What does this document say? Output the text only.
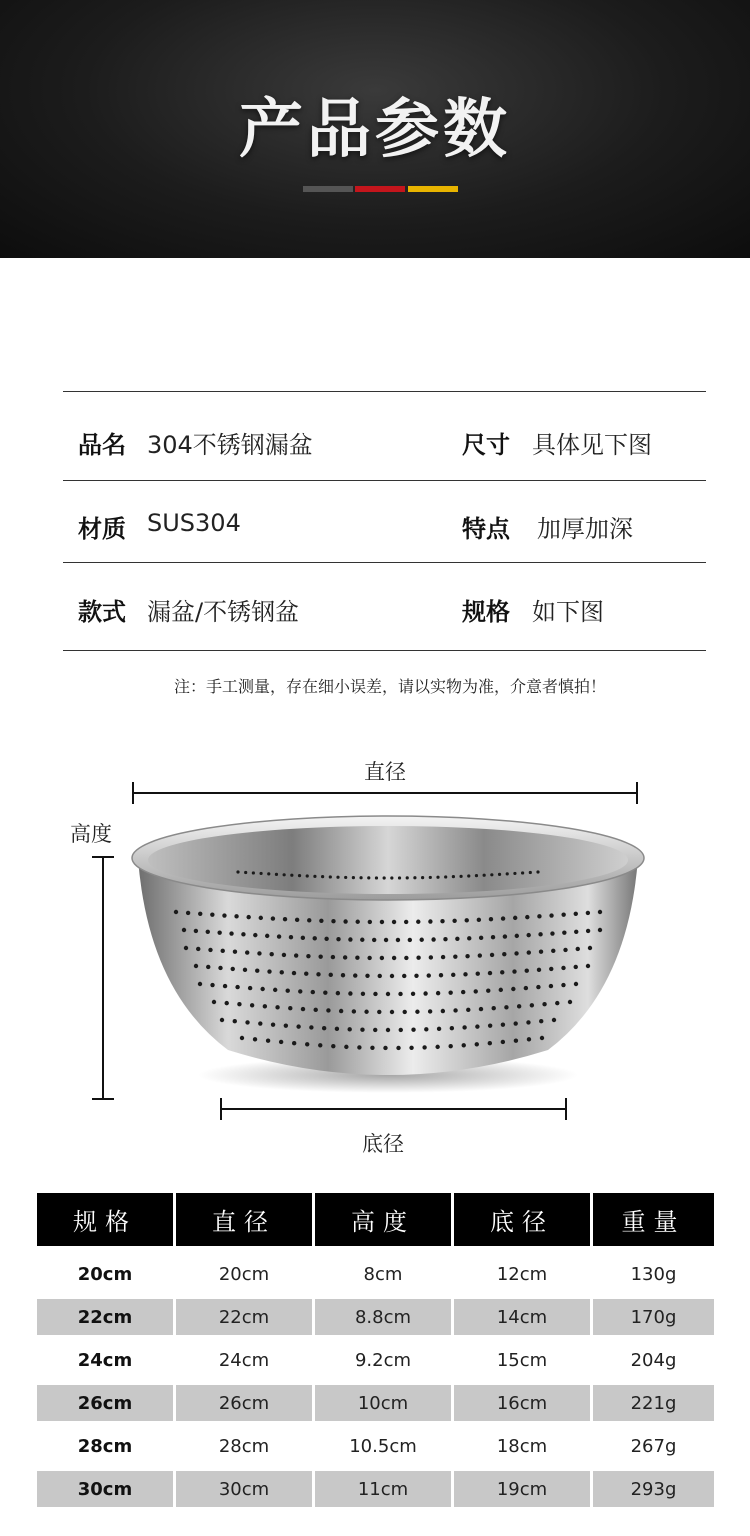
产品参数
品名 304不锈钢漏盆	尺寸 具体见下图
材质 SUS304	特点 加厚加深
款式 漏盆/不锈钢盆	规格 如下图
注：手工测量，存在细小误差，请以实物为准，介意者慎拍！
直径
高度
底径
规格	直径	高度	底径	重量
20cm	20cm	8cm	12cm	130g
22cm	22cm	8.8cm	14cm	170g
24cm	24cm	9.2cm	15cm	204g
26cm	26cm	10cm	16cm	221g
28cm	28cm	10.5cm	18cm	267g
30cm	30cm	11cm	19cm	293g
